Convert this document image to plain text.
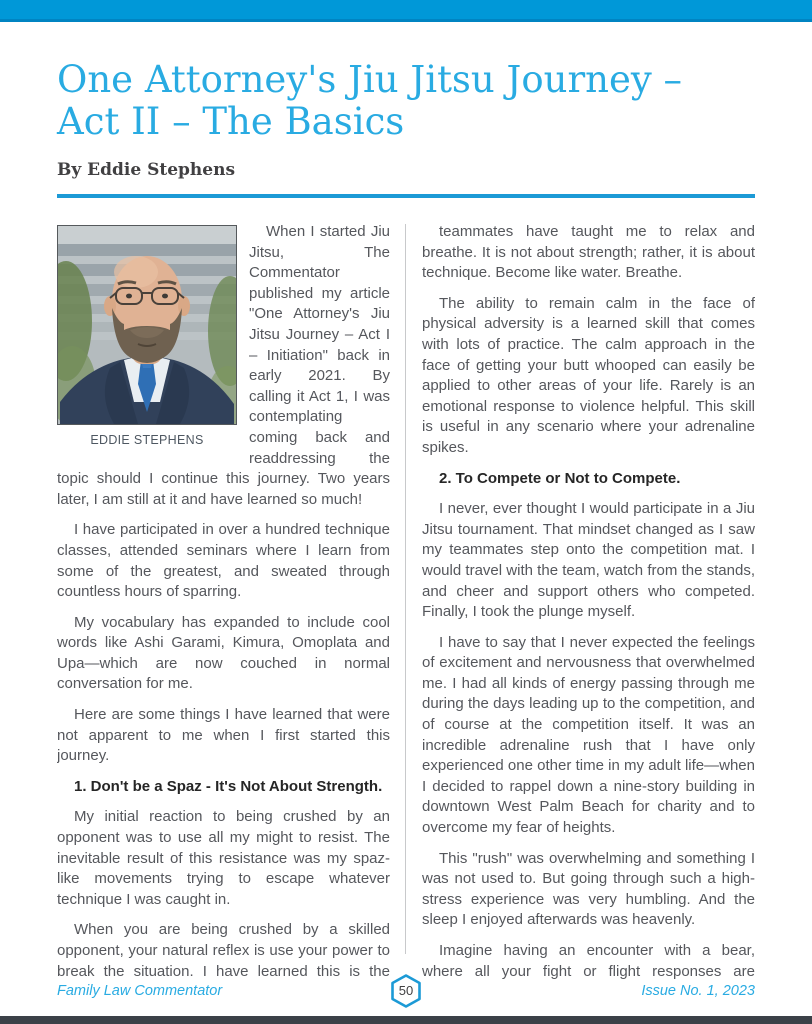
One Attorney's Jiu Jitsu Journey –
Act II – The Basics
By Eddie Stephens
EDDIE STEPHENS

When I started Jiu Jitsu, The Commentator published my article "One Attorney's Jiu Jitsu Journey – Act I – Initiation" back in early 2021. By calling it Act 1, I was contemplating coming back and readdressing the topic should I continue this journey. Two years later, I am still at it and have learned so much!

I have participated in over a hundred technique classes, attended seminars where I learn from some of the greatest, and sweated through countless hours of sparring.

My vocabulary has expanded to include cool words like Ashi Garami, Kimura, Omoplata and Upa—which are now couched in normal conversation for me.

Here are some things I have learned that were not apparent to me when I first started this journey.

1. Don't be a Spaz - It's Not About Strength.

My initial reaction to being crushed by an opponent was to use all my might to resist. The inevitable result of this resistance was my spaz-like movements trying to escape whatever technique I was caught in.

When you are being crushed by a skilled opponent, your natural reflex is use your power to break the situation. I have learned this is the

teammates have taught me to relax and breathe. It is not about strength; rather, it is about technique. Become like water. Breathe.

The ability to remain calm in the face of physical adversity is a learned skill that comes with lots of practice. The calm approach in the face of getting your butt whooped can easily be applied to other areas of your life. Rarely is an emotional response to violence helpful. This skill is useful in any scenario where your adrenaline spikes.

2. To Compete or Not to Compete.

I never, ever thought I would participate in a Jiu Jitsu tournament. That mindset changed as I saw my teammates step onto the competition mat. I would travel with the team, watch from the stands, and cheer and support others who competed. Finally, I took the plunge myself.

I have to say that I never expected the feelings of excitement and nervousness that overwhelmed me. I had all kinds of energy passing through me during the days leading up to the competition, and of course at the competition itself. It was an incredible adrenaline rush that I have only experienced one other time in my adult life—when I decided to rappel down a nine-story building in downtown West Palm Beach for charity and to overcome my fear of heights.

This "rush" was overwhelming and something I was not used to. But going through such a high-stress experience was very humbling. And the sleep I enjoyed afterwards was heavenly.

Imagine having an encounter with a bear, where all your fight or flight responses are

Family Law Commentator	50	Issue No. 1, 2023
